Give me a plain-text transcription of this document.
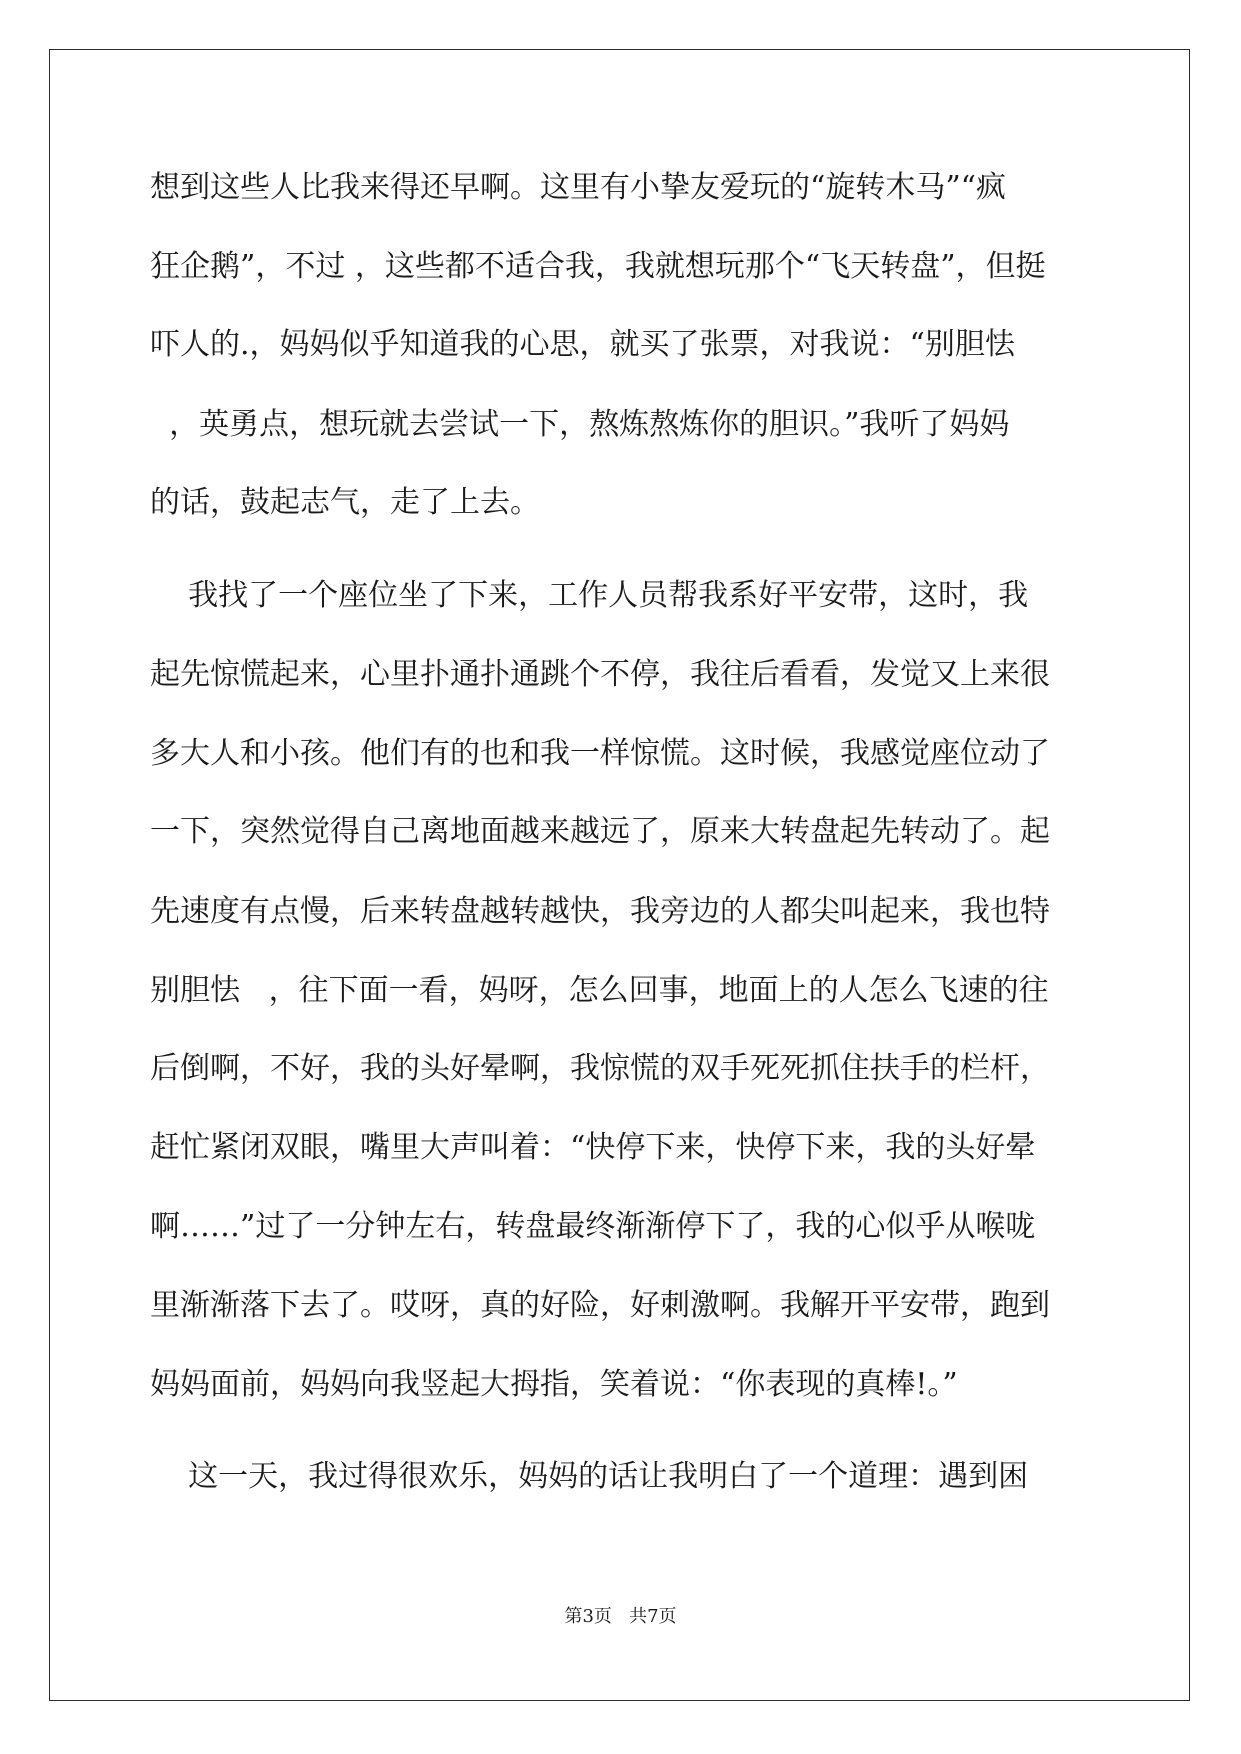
想到这些人比我来得还早啊。这里有小挚友爱玩的“旋转木马”“疯
狂企鹅”，不过 ，这些都不适合我，我就想玩那个“飞天转盘”，但挺
吓人的.，妈妈似乎知道我的心思，就买了张票，对我说：“别胆怯
，英勇点，想玩就去尝试一下，熬炼熬炼你的胆识。”我听了妈妈
的话，鼓起志气，走了上去。
我找了一个座位坐了下来，工作人员帮我系好平安带，这时，我
起先惊慌起来，心里扑通扑通跳个不停，我往后看看，发觉又上来很
多大人和小孩。他们有的也和我一样惊慌。这时候，我感觉座位动了
一下，突然觉得自己离地面越来越远了，原来大转盘起先转动了。起
先速度有点慢，后来转盘越转越快，我旁边的人都尖叫起来，我也特
别胆怯   ，往下面一看，妈呀，怎么回事，地面上的人怎么飞速的往
后倒啊，不好，我的头好晕啊，我惊慌的双手死死抓住扶手的栏杆，
赶忙紧闭双眼，嘴里大声叫着：“快停下来，快停下来，我的头好晕
啊……”过了一分钟左右，转盘最终渐渐停下了，我的心似乎从喉咙
里渐渐落下去了。哎呀，真的好险，好刺激啊。我解开平安带，跑到
妈妈面前，妈妈向我竖起大拇指，笑着说：“你表现的真棒!。”
这一天，我过得很欢乐，妈妈的话让我明白了一个道理：遇到困
第3页   共7页
